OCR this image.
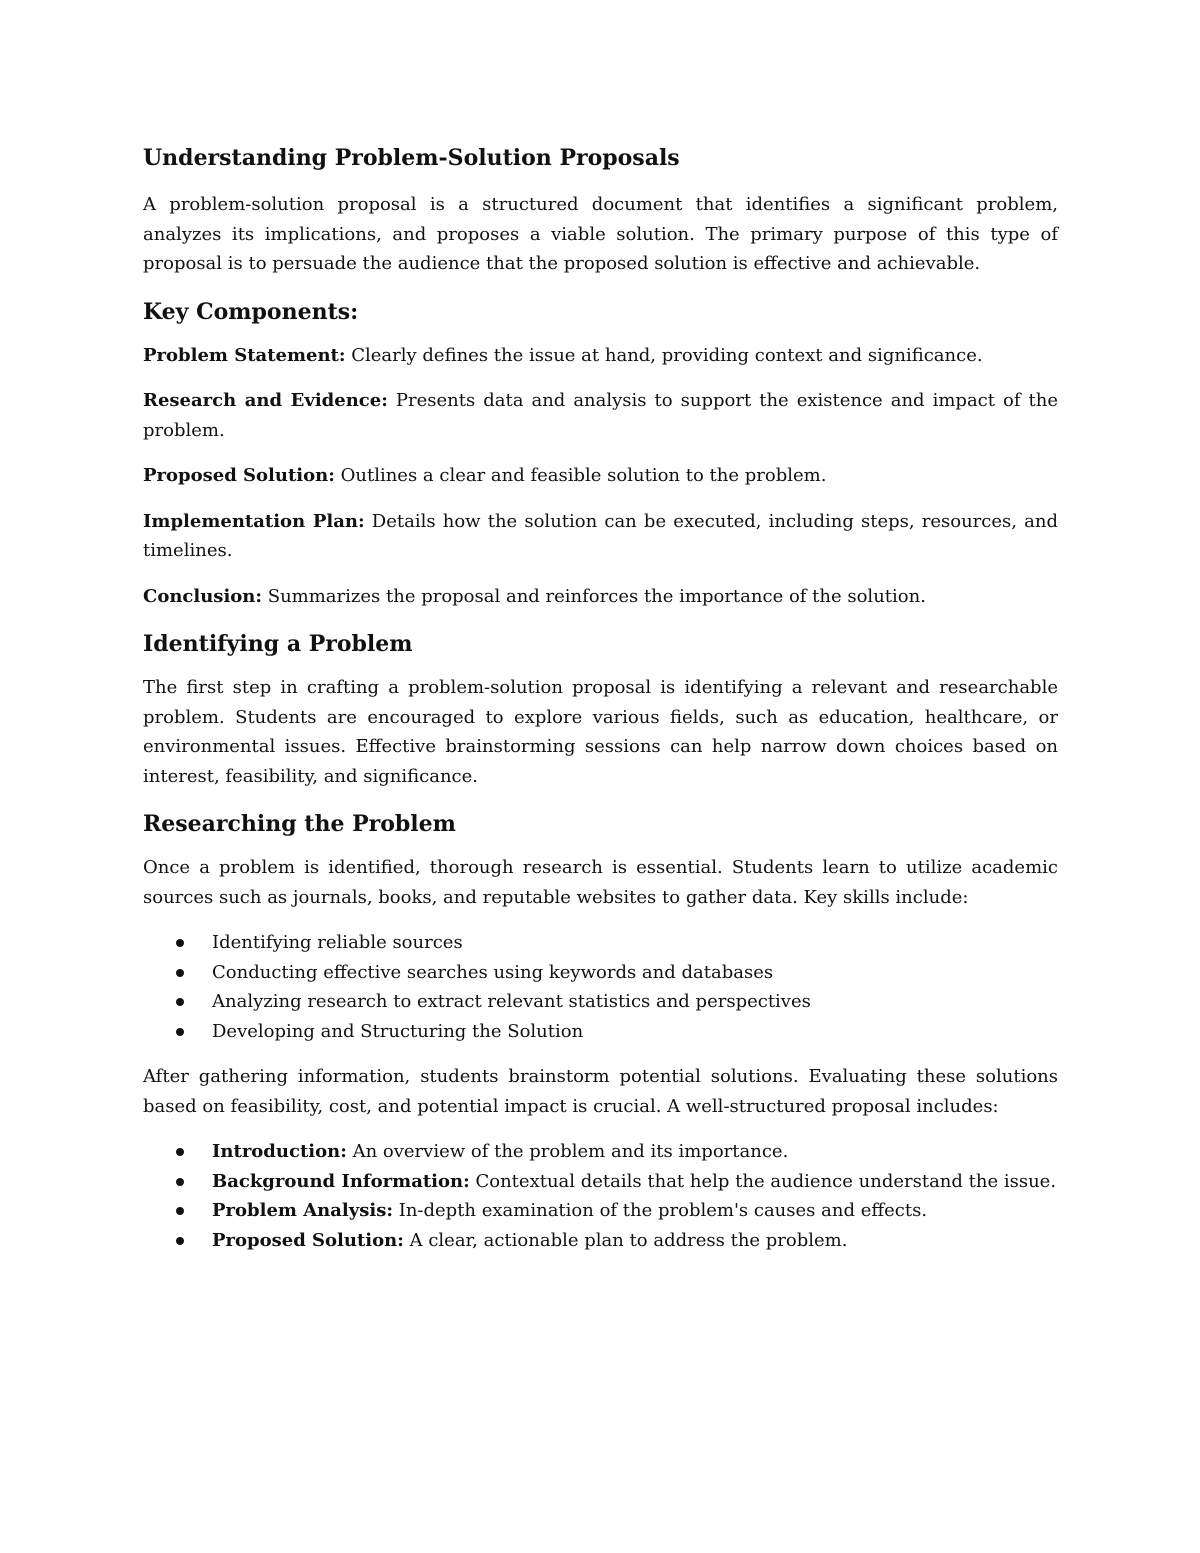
Understanding Problem-Solution Proposals

A problem-solution proposal is a structured document that identifies a significant problem, analyzes its implications, and proposes a viable solution. The primary purpose of this type of proposal is to persuade the audience that the proposed solution is effective and achievable.

Key Components:

Problem Statement: Clearly defines the issue at hand, providing context and significance.

Research and Evidence: Presents data and analysis to support the existence and impact of the problem.

Proposed Solution: Outlines a clear and feasible solution to the problem.

Implementation Plan: Details how the solution can be executed, including steps, resources, and timelines.

Conclusion: Summarizes the proposal and reinforces the importance of the solution.

Identifying a Problem

The first step in crafting a problem-solution proposal is identifying a relevant and researchable problem. Students are encouraged to explore various fields, such as education, healthcare, or environmental issues. Effective brainstorming sessions can help narrow down choices based on interest, feasibility, and significance.

Researching the Problem

Once a problem is identified, thorough research is essential. Students learn to utilize academic sources such as journals, books, and reputable websites to gather data. Key skills include:

Identifying reliable sources
Conducting effective searches using keywords and databases
Analyzing research to extract relevant statistics and perspectives
Developing and Structuring the Solution

After gathering information, students brainstorm potential solutions. Evaluating these solutions based on feasibility, cost, and potential impact is crucial. A well-structured proposal includes:

Introduction: An overview of the problem and its importance.
Background Information: Contextual details that help the audience understand the issue.
Problem Analysis: In-depth examination of the problem's causes and effects.
Proposed Solution: A clear, actionable plan to address the problem.
